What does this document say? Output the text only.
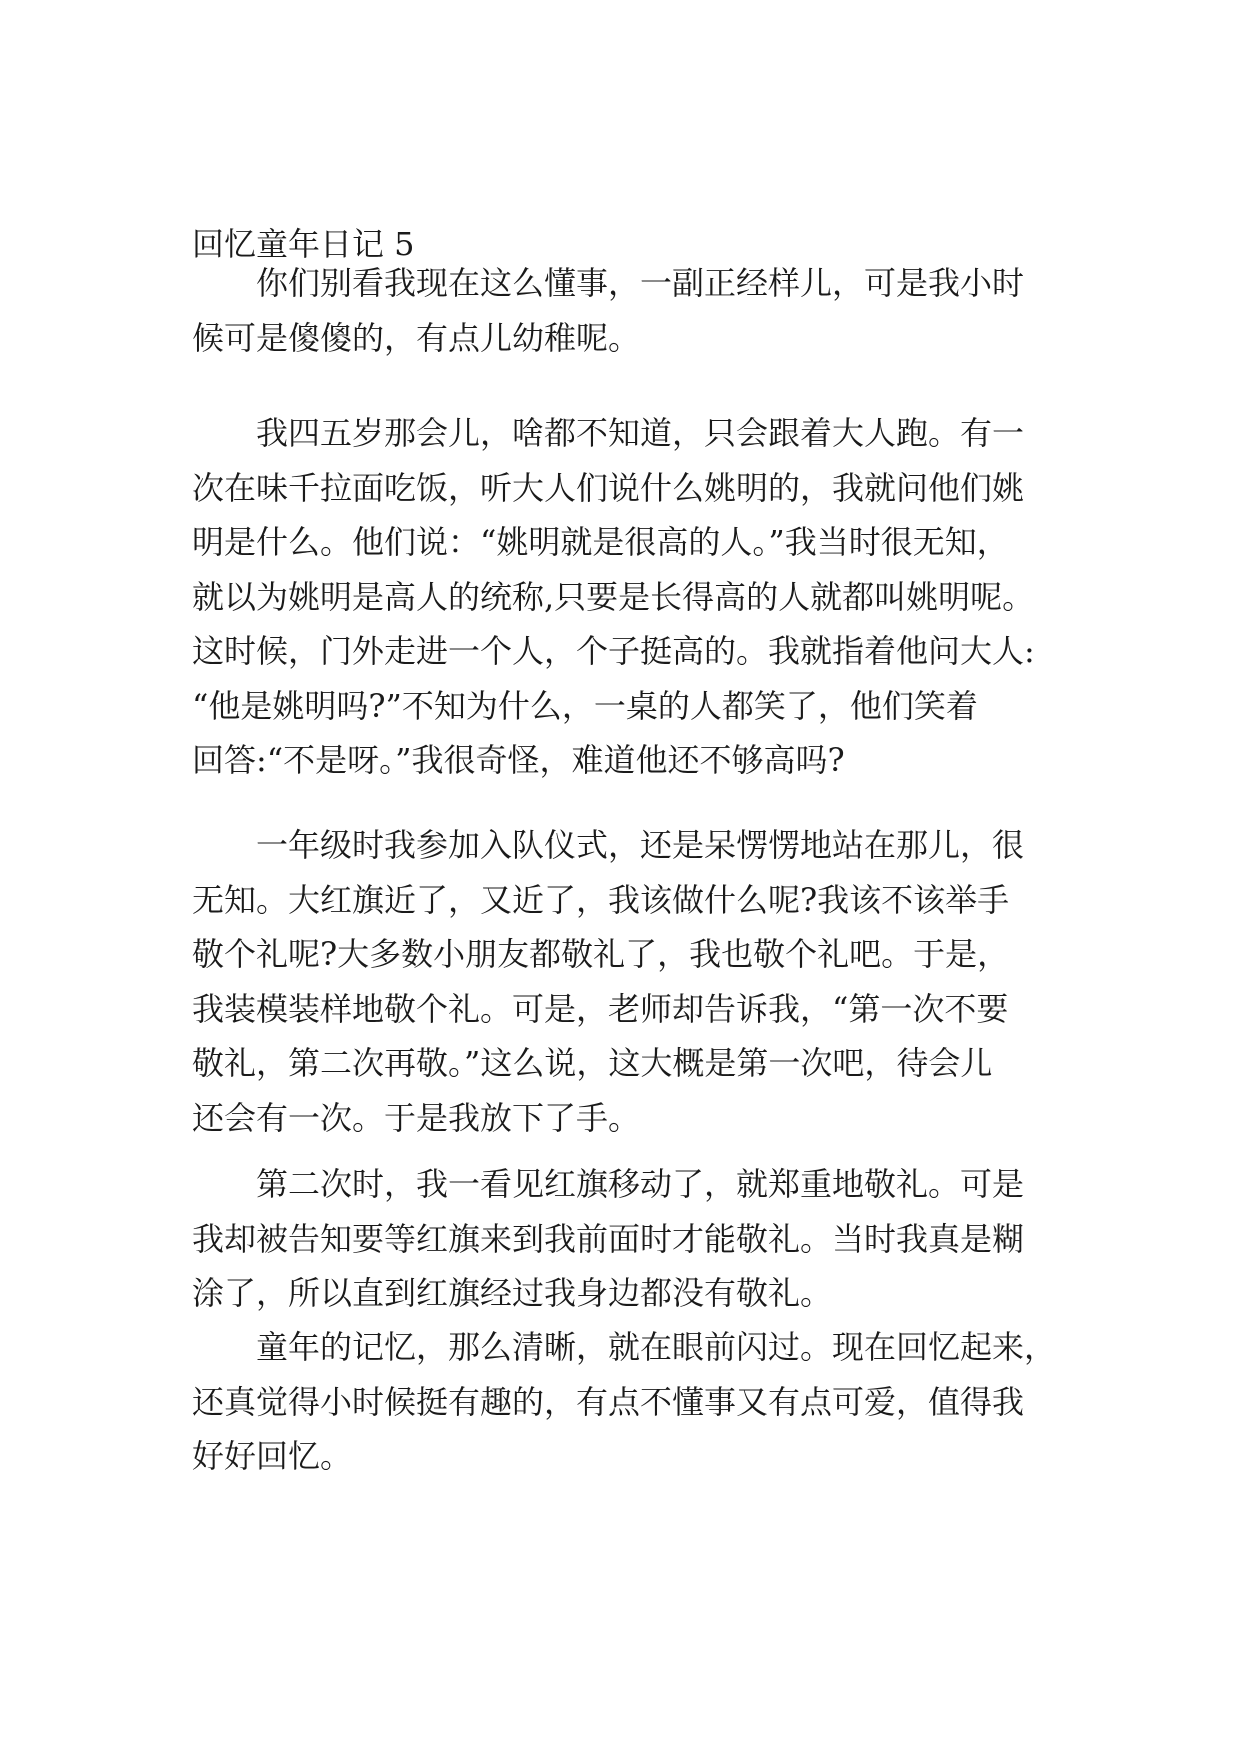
回忆童年日记 5
你们别看我现在这么懂事，一副正经样儿，可是我小时
候可是傻傻的，有点儿幼稚呢。
我四五岁那会儿，啥都不知道，只会跟着大人跑。有一
次在味千拉面吃饭，听大人们说什么姚明的，我就问他们姚
明是什么。他们说：“姚明就是很高的人。”我当时很无知，
就以为姚明是高人的统称,只要是长得高的人就都叫姚明呢。
这时候，门外走进一个人，个子挺高的。我就指着他问大人:
“他是姚明吗?”不知为什么，一桌的人都笑了，他们笑着
回答:“不是呀。”我很奇怪，难道他还不够高吗?
一年级时我参加入队仪式，还是呆愣愣地站在那儿，很
无知。大红旗近了，又近了，我该做什么呢?我该不该举手
敬个礼呢?大多数小朋友都敬礼了，我也敬个礼吧。于是，
我装模装样地敬个礼。可是，老师却告诉我，“第一次不要
敬礼，第二次再敬。”这么说，这大概是第一次吧，待会儿
还会有一次。于是我放下了手。
第二次时，我一看见红旗移动了，就郑重地敬礼。可是
我却被告知要等红旗来到我前面时才能敬礼。当时我真是糊
涂了，所以直到红旗经过我身边都没有敬礼。
童年的记忆，那么清晰，就在眼前闪过。现在回忆起来，
还真觉得小时候挺有趣的，有点不懂事又有点可爱，值得我
好好回忆。
